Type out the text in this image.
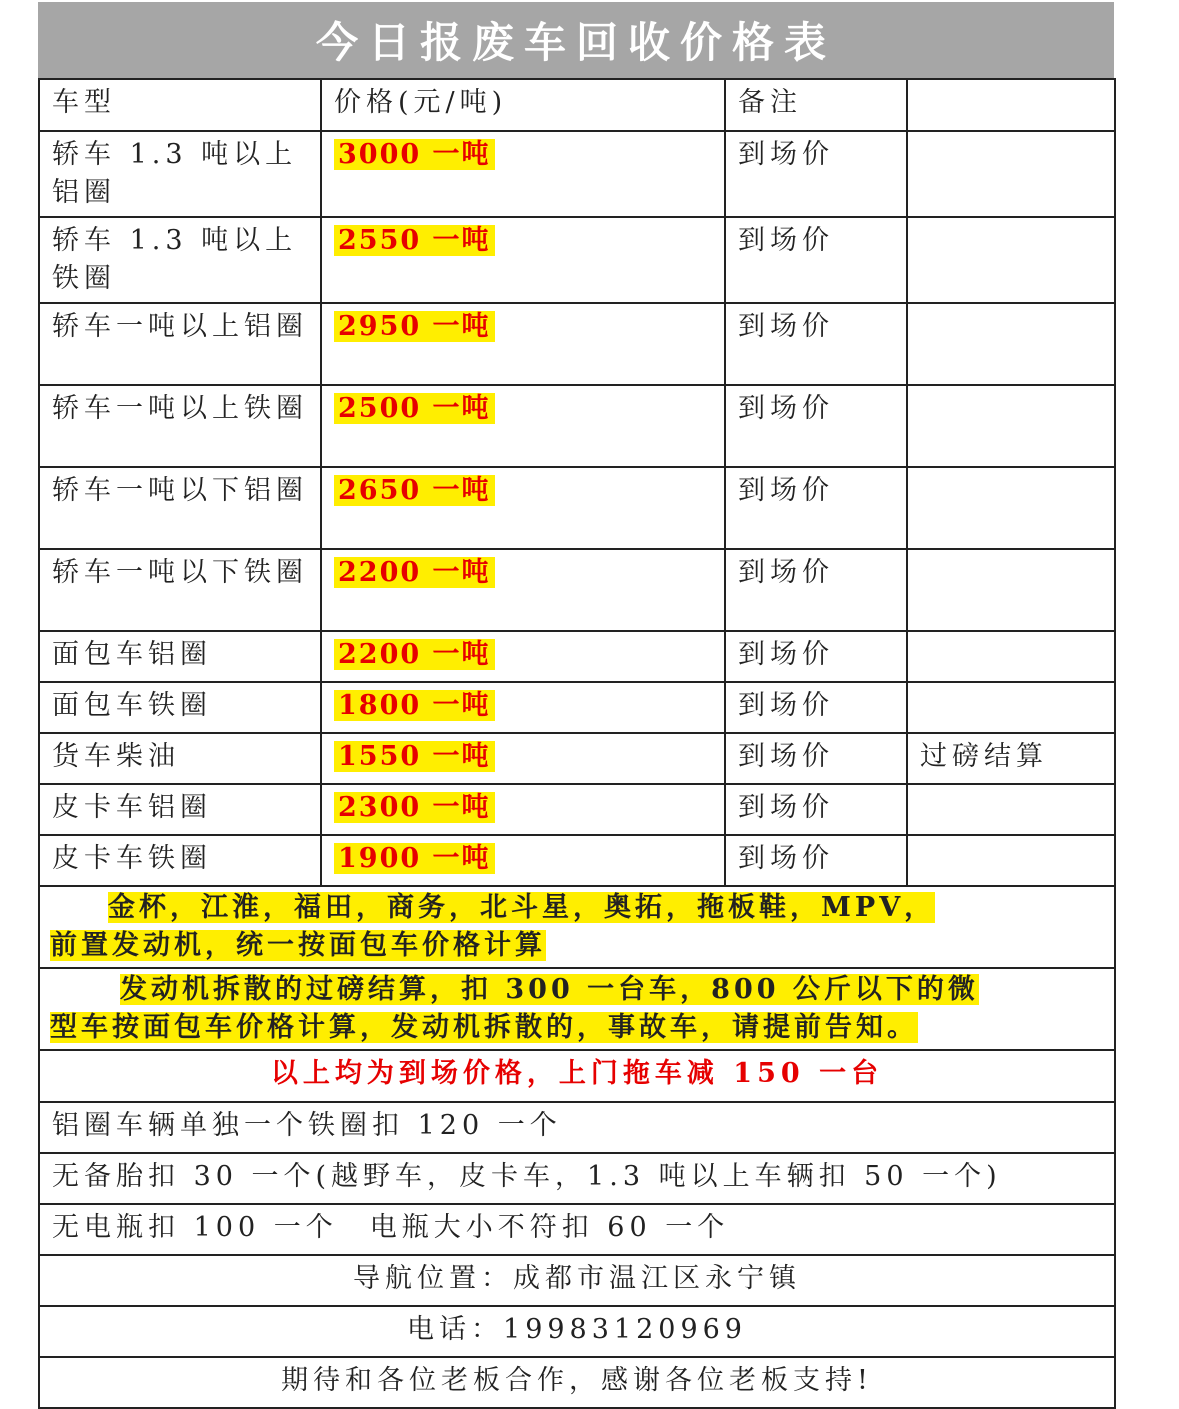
今日报废车回收价格表
车型	价格(元/吨)	备注	
轿车 1.3 吨以上铝圈	3000 一吨	到场价	
轿车 1.3 吨以上铁圈	2550 一吨	到场价	
轿车一吨以上铝圈	2950 一吨	到场价	
轿车一吨以上铁圈	2500 一吨	到场价	
轿车一吨以下铝圈	2650 一吨	到场价	
轿车一吨以下铁圈	2200 一吨	到场价	
面包车铝圈	2200 一吨	到场价	
面包车铁圈	1800 一吨	到场价	
货车柴油	1550 一吨	到场价	过磅结算
皮卡车铝圈	2300 一吨	到场价	
皮卡车铁圈	1900 一吨	到场价	
金杯，江淮，福田，商务，北斗星，奥拓，拖板鞋，MPV，
前置发动机，统一按面包车价格计算			
发动机拆散的过磅结算，扣 300 一台车，800 公斤以下的微
型车按面包车价格计算，发动机拆散的，事故车，请提前告知。			
以上均为到场价格，上门拖车减 150 一台			
铝圈车辆单独一个铁圈扣 120 一个			
无备胎扣 30 一个(越野车，皮卡车，1.3 吨以上车辆扣 50 一个)			
无电瓶扣 100 一个　电瓶大小不符扣 60 一个			
导航位置：成都市温江区永宁镇			
电话：19983120969			
期待和各位老板合作，感谢各位老板支持!			
